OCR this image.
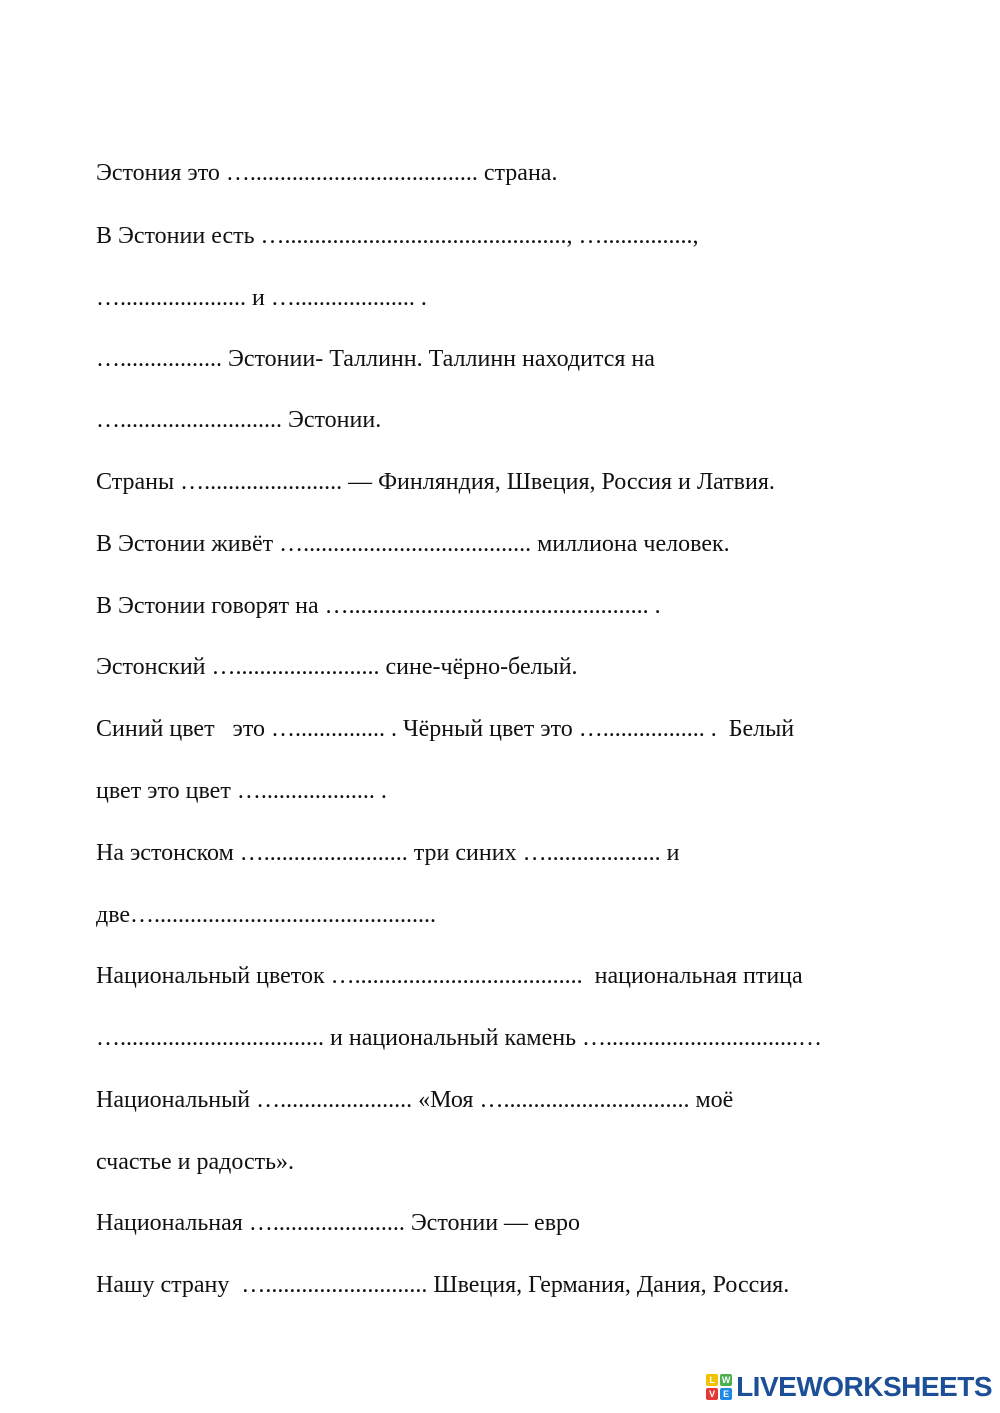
Эстония это …...................................... страна.

В Эстонии есть …..............................................., …...............,

…..................... и ….................... .

…................. Эстонии- Таллинн. Таллинн находится на

…........................... Эстонии.

Страны …....................... — Финляндия, Швеция, Россия и Латвия.

В Эстонии живёт …...................................... миллиона человек.

В Эстонии говорят на ….................................................. .

Эстонский …........................ сине-чёрно-белый.

Синий цвет   это …............... . Чёрный цвет это …................. .  Белый

цвет это цвет …................... .

На эстонском …........................ три синих …................... и

две…...............................................

Национальный цветок …......................................  национальная птица

….................................. и национальный камень …................................…

Национальный …...................... «Моя …............................... моё

счастье и радость».

Национальная …...................... Эстонии — евро

Нашу страну  …........................... Швеция, Германия, Дания, Россия.

L W
V E LIVEWORKSHEETS
